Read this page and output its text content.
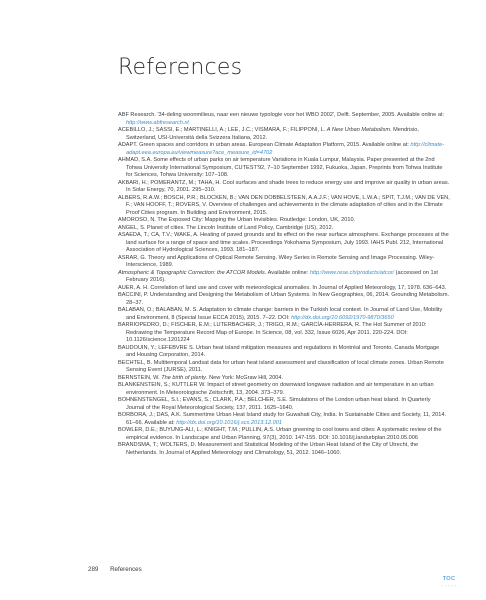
References
ABF Research. '34-deling woonmilieus, naar een nieuwe typologie voor het WBO 2002', Delft. September, 2005. Available online at: http://www.abfresearch.nl
ACEBILLO, J.; SASSI, E.; MARTINELLI, A.; LEE, J.C.; VISMARA, F.; FILIPPONI, L. A New Urban Metabolism. Mendrisio, Switzerland, USI-Università della Svizzera Italiana, 2012.
ADAPT. Green spaces and corridors in urban areas. European Climate Adaptation Platform, 2015. Available online at: http://climate-adapt.eea.europa.eu/viewmeasure?ace_measure_id=4702
AHMAD, S.A. Some effects of urban parks on air temperature Variations in Kuala Lumpur, Malaysia. Paper presented at the 2nd Tohwa University International Symposium, CUTEST'92, 7–10 September 1992, Fukuoka, Japan. Preprints from Tohwa Institute for Sciences, Tohwa University: 107–108.
AKBARI, H.; POMERANTZ, M.; TAHA, H. Cool surfaces and shade trees to reduce energy use and improve air quality in urban areas. In Solar Energy, 70, 2001. 295–310.
ALBERS, R.A.W.; BOSCH, P.R.; BLOCKEN, B.; VAN DEN DOBBELSTEEN, A.A.J.F.; VAN HOVE, L.W.A.; SPIT, T.J.M.; VAN DE VEN, F.; VAN HOOFF, T.; ROVERS, V. Overview of challenges and achievements in the climate adaptation of cities and in the Climate Proof Cities program. In Building and Environment, 2015.
AMOROSO, N. The Exposed City: Mapping the Urban Invisibles. Routledge: London, UK, 2010.
ANGEL, S. Planet of cities. The Lincoln Institute of Land Policy, Cambridge (US), 2012.
ASAEDA, T.; CA, T.V.; WAKE, A. Heating of paved grounds and its effect on the near surface atmosphere. Exchange processes at the land surface for a range of space and time scales. Proceedings Yokohama Symposium, July 1993. IAHS Publ. 212, International Association of Hydrological Sciences, 1993. 181–187.
ASRAR, G. Theory and Applications of Optical Remote Sensing. Wiley Series in Remote Sensing and Image Processing. Wiley-Interscience, 1989.
Atmospheric & Topographic Correction: the ATCOR Models. Available online: http://www.rese.ch/products/atcor/ (accessed on 1st February 2016).
AUER, A. H. Correlation of land use and cover with meteorological anomalies. In Journal of Applied Meteorology, 17, 1978. 636–643.
BACCINI, P. Understanding and Designing the Metabolism of Urban Systems. In New Geographies, 06, 2014. Grounding Metabolism. 28–37.
BALABAN, O.; BALABAN, M. S. Adaptation to climate change: barriers in the Turkish local context. In Journal of Land Use, Mobility and Environment, 8 (Special Issue ECCA 2015), 2015. 7–22. DOI: http://dx.doi.org/10.6092/1970-9870/3650
BARRIOPEDRO, D.; FISCHER, E.M.; LUTERBACHER, J.; TRIGO, R.M.; GARCÍA-HERRERA, R. The Hot Summer of 2010: Redrawing the Temperature Record Map of Europe. In Science, 08, vol. 332, Issue 6026, Apr 2011. 220-224. DOI: 10.1126/science.1201224
BAUDOUIN, Y.; LEFEBVRE S. Urban heat island mitigation measures and regulations in Montréal and Toronto. Canada Mortgage and Housing Corporation, 2014.
BECHTEL, B. Multitemporal Landsat data for urban heat island assessment and classification of local climate zones. Urban Remote Sensing Event (JURSE), 2011.
BERNSTEIN, W. The birth of plenty. New York: McGraw Hill, 2004.
BLANKENSTEIN, S.; KUTTLER W. Impact of street geometry on downward longwave radiation and air temperature in an urban environment. In Meteorologische Zeitschrift, 13, 2004. 373–379.
BOHNENSTENGEL, S.I.; EVANS, S.; CLARK, P.A.; BELCHER, S.E. Simulations of the London urban heat island. In Quarterly Journal of the Royal Meteorological Society, 137, 2011. 1625–1640.
BORBORA, J.; DAS, A.K. Summertime Urban Heat Island study for Guwahati City, India. In Sustainable Cities and Society, 11, 2014. 61–66. Available at: http://dx.doi.org/10.1016/j.scs.2013.12.001
BOWLER, D.E.; BUYUNG-ALI, L.; KNIGHT, T.M.; PULLIN, A.S. Urban greening to cool towns and cities: A systematic review of the empirical evidence. In Landscape and Urban Planning, 97(3), 2010. 147-155. DOI: 10.1016/j.landurbplan.2010.05.006
BRANDSMA, T.; WOLTERS, D. Measurement and Statistical Modeling of the Urban Heat Island of the City of Utrecht, the Netherlands. In Journal of Applied Meteorology and Climatology, 51, 2012. 1046–1060.
289 References
TOC
· · · · ·
